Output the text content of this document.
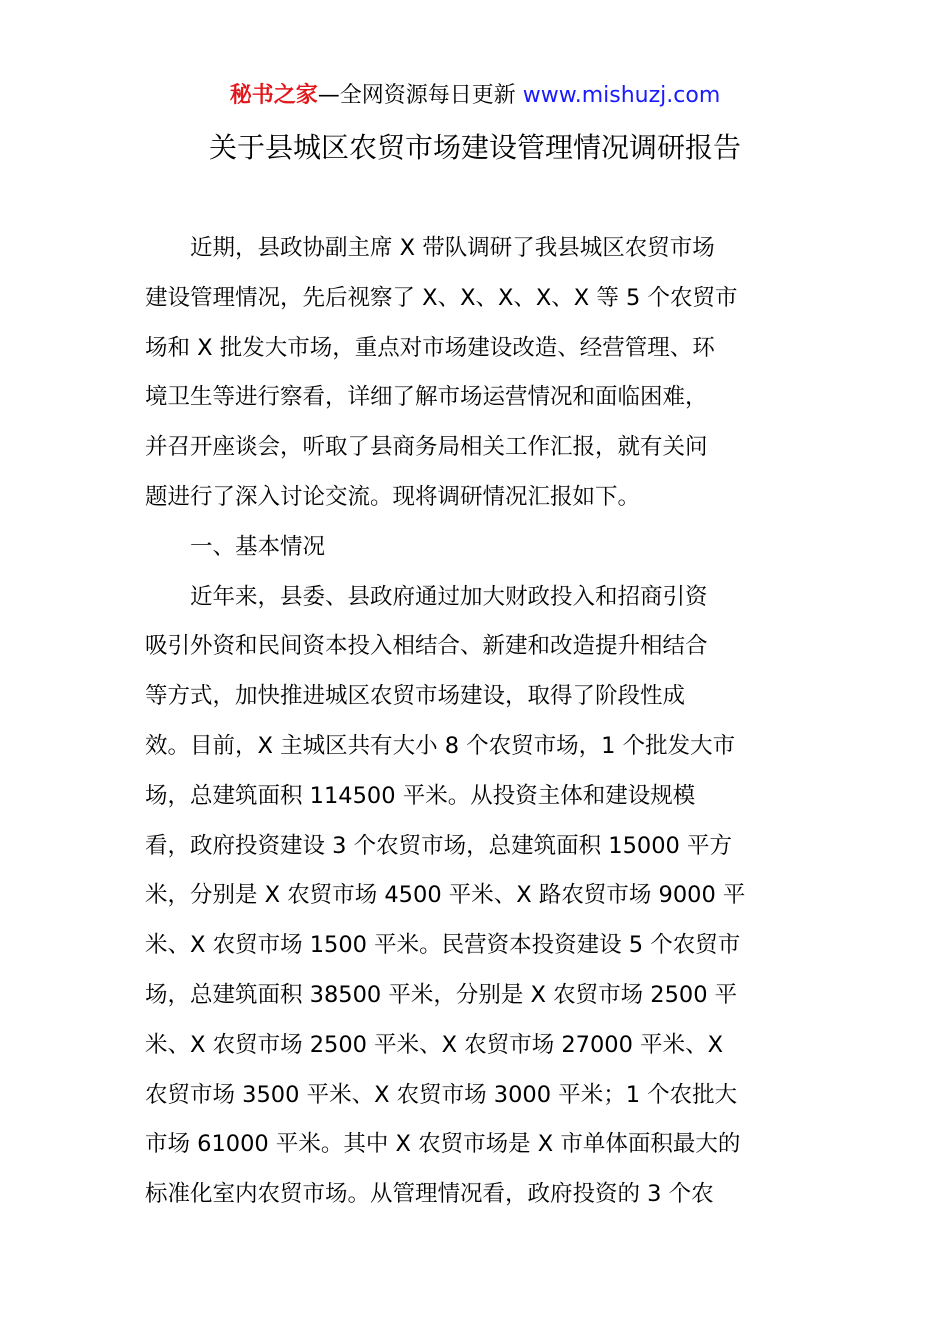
秘书之家—全网资源每日更新 www.mishuzj.com
关于县城区农贸市场建设管理情况调研报告
近期，县政协副主席 X 带队调研了我县城区农贸市场
建设管理情况，先后视察了 X、X、X、X、X 等 5 个农贸市
场和 X 批发大市场，重点对市场建设改造、经营管理、环
境卫生等进行察看，详细了解市场运营情况和面临困难，
并召开座谈会，听取了县商务局相关工作汇报，就有关问
题进行了深入讨论交流。现将调研情况汇报如下。
一、基本情况
近年来，县委、县政府通过加大财政投入和招商引资
吸引外资和民间资本投入相结合、新建和改造提升相结合
等方式，加快推进城区农贸市场建设，取得了阶段性成
效。目前，X 主城区共有大小 8 个农贸市场，1 个批发大市
场，总建筑面积 114500 平米。从投资主体和建设规模
看，政府投资建设 3 个农贸市场，总建筑面积 15000 平方
米，分别是 X 农贸市场 4500 平米、X 路农贸市场 9000 平
米、X 农贸市场 1500 平米。民营资本投资建设 5 个农贸市
场，总建筑面积 38500 平米，分别是 X 农贸市场 2500 平
米、X 农贸市场 2500 平米、X 农贸市场 27000 平米、X
农贸市场 3500 平米、X 农贸市场 3000 平米；1 个农批大
市场 61000 平米。其中 X 农贸市场是 X 市单体面积最大的
标准化室内农贸市场。从管理情况看，政府投资的 3 个农
